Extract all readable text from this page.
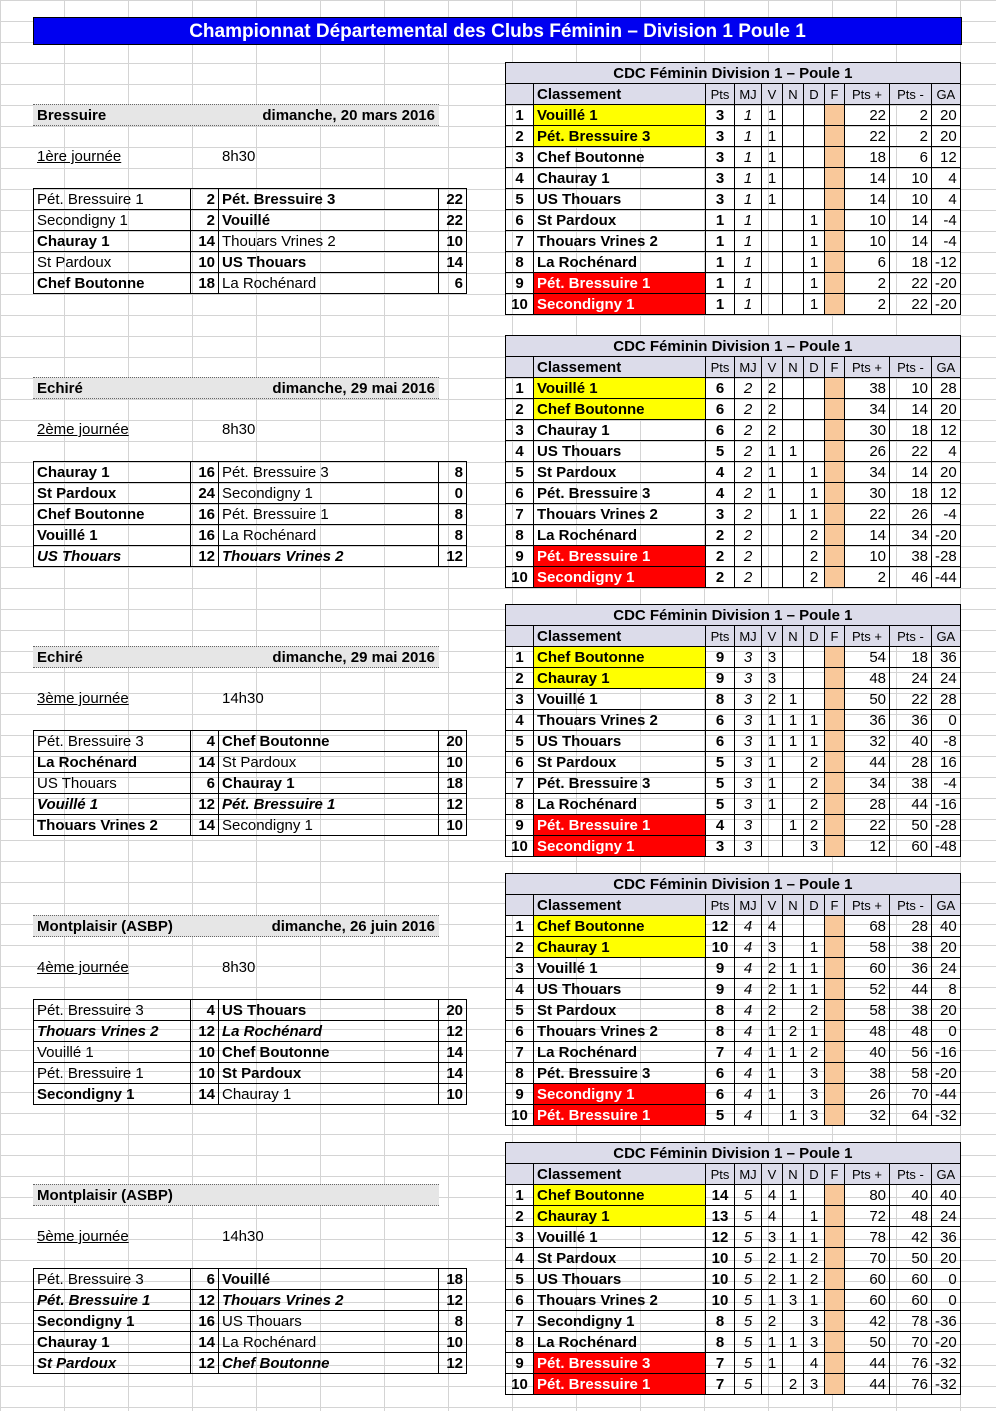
Championnat Départemental des Clubs Féminin – Division 1 Poule 1
Bressuire	dimanche, 20 mars 2016
1ère journée	8h30
Pét. Bressuire 1	2	Pét. Bressuire 3	22
Secondigny 1	2	Vouillé	22
Chauray 1	14	Thouars Vrines 2	10
St Pardoux	10	US Thouars	14
Chef Boutonne	18	La Rochénard	6
CDC Féminin Division 1 – Poule 1										
	Classement	Pts	MJ	V	N	D	F	Pts +	Pts -	GA
1	Vouillé 1	3	1	1				22	2	20
2	Pét. Bressuire 3	3	1	1				22	2	20
3	Chef Boutonne	3	1	1				18	6	12
4	Chauray 1	3	1	1				14	10	4
5	US Thouars	3	1	1				14	10	4
6	St Pardoux	1	1			1		10	14	-4
7	Thouars Vrines 2	1	1			1		10	14	-4
8	La Rochénard	1	1			1		6	18	-12
9	Pét. Bressuire 1	1	1			1		2	22	-20
10	Secondigny 1	1	1			1		2	22	-20
Echiré	dimanche, 29 mai 2016
2ème journée	8h30
Chauray 1	16	Pét. Bressuire 3	8
St Pardoux	24	Secondigny 1	0
Chef Boutonne	16	Pét. Bressuire 1	8
Vouillé 1	16	La Rochénard	8
US Thouars	12	Thouars Vrines 2	12
CDC Féminin Division 1 – Poule 1										
	Classement	Pts	MJ	V	N	D	F	Pts +	Pts -	GA
1	Vouillé 1	6	2	2				38	10	28
2	Chef Boutonne	6	2	2				34	14	20
3	Chauray 1	6	2	2				30	18	12
4	US Thouars	5	2	1	1			26	22	4
5	St Pardoux	4	2	1		1		34	14	20
6	Pét. Bressuire 3	4	2	1		1		30	18	12
7	Thouars Vrines 2	3	2		1	1		22	26	-4
8	La Rochénard	2	2			2		14	34	-20
9	Pét. Bressuire 1	2	2			2		10	38	-28
10	Secondigny 1	2	2			2		2	46	-44
Echiré	dimanche, 29 mai 2016
3ème journée	14h30
Pét. Bressuire 3	4	Chef Boutonne	20
La Rochénard	14	St Pardoux	10
US Thouars	6	Chauray 1	18
Vouillé 1	12	Pét. Bressuire 1	12
Thouars Vrines 2	14	Secondigny 1	10
CDC Féminin Division 1 – Poule 1										
	Classement	Pts	MJ	V	N	D	F	Pts +	Pts -	GA
1	Chef Boutonne	9	3	3				54	18	36
2	Chauray 1	9	3	3				48	24	24
3	Vouillé 1	8	3	2	1			50	22	28
4	Thouars Vrines 2	6	3	1	1	1		36	36	0
5	US Thouars	6	3	1	1	1		32	40	-8
6	St Pardoux	5	3	1		2		44	28	16
7	Pét. Bressuire 3	5	3	1		2		34	38	-4
8	La Rochénard	5	3	1		2		28	44	-16
9	Pét. Bressuire 1	4	3		1	2		22	50	-28
10	Secondigny 1	3	3			3		12	60	-48
Montplaisir (ASBP)	dimanche, 26 juin 2016
4ème journée	8h30
Pét. Bressuire 3	4	US Thouars	20
Thouars Vrines 2	12	La Rochénard	12
Vouillé 1	10	Chef Boutonne	14
Pét. Bressuire 1	10	St Pardoux	14
Secondigny 1	14	Chauray 1	10
CDC Féminin Division 1 – Poule 1										
	Classement	Pts	MJ	V	N	D	F	Pts +	Pts -	GA
1	Chef Boutonne	12	4	4				68	28	40
2	Chauray 1	10	4	3		1		58	38	20
3	Vouillé 1	9	4	2	1	1		60	36	24
4	US Thouars	9	4	2	1	1		52	44	8
5	St Pardoux	8	4	2		2		58	38	20
6	Thouars Vrines 2	8	4	1	2	1		48	48	0
7	La Rochénard	7	4	1	1	2		40	56	-16
8	Pét. Bressuire 3	6	4	1		3		38	58	-20
9	Secondigny 1	6	4	1		3		26	70	-44
10	Pét. Bressuire 1	5	4		1	3		32	64	-32
Montplaisir (ASBP)
5ème journée	14h30
Pét. Bressuire 3	6	Vouillé	18
Pét. Bressuire 1	12	Thouars Vrines 2	12
Secondigny 1	16	US Thouars	8
Chauray 1	14	La Rochénard	10
St Pardoux	12	Chef Boutonne	12
CDC Féminin Division 1 – Poule 1										
	Classement	Pts	MJ	V	N	D	F	Pts +	Pts -	GA
1	Chef Boutonne	14	5	4	1			80	40	40
2	Chauray 1	13	5	4		1		72	48	24
3	Vouillé 1	12	5	3	1	1		78	42	36
4	St Pardoux	10	5	2	1	2		70	50	20
5	US Thouars	10	5	2	1	2		60	60	0
6	Thouars Vrines 2	10	5	1	3	1		60	60	0
7	Secondigny 1	8	5	2		3		42	78	-36
8	La Rochénard	8	5	1	1	3		50	70	-20
9	Pét. Bressuire 3	7	5	1		4		44	76	-32
10	Pét. Bressuire 1	7	5		2	3		44	76	-32
